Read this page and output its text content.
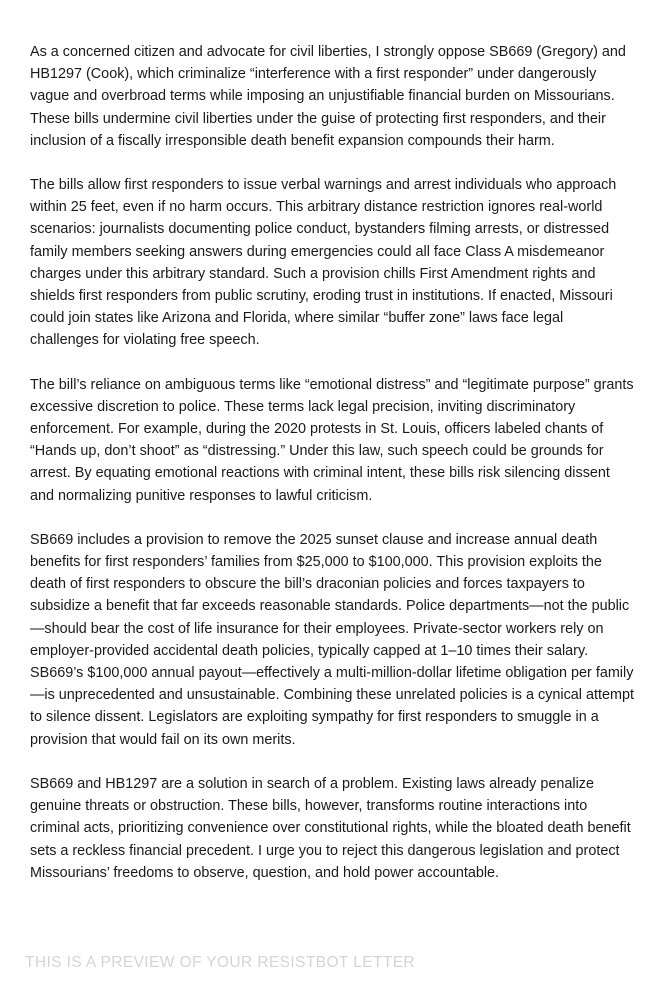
As a concerned citizen and advocate for civil liberties, I strongly oppose SB669 (Gregory) and HB1297 (Cook), which criminalize “interference with a first responder” under dangerously vague and overbroad terms while imposing an unjustifiable financial burden on Missourians. These bills undermine civil liberties under the guise of protecting first responders, and their inclusion of a fiscally irresponsible death benefit expansion compounds their harm.

The bills allow first responders to issue verbal warnings and arrest individuals who approach within 25 feet, even if no harm occurs. This arbitrary distance restriction ignores real-world scenarios: journalists documenting police conduct, bystanders filming arrests, or distressed family members seeking answers during emergencies could all face Class A misdemeanor charges under this arbitrary standard. Such a provision chills First Amendment rights and shields first responders from public scrutiny, eroding trust in institutions. If enacted, Missouri could join states like Arizona and Florida, where similar “buffer zone” laws face legal challenges for violating free speech.

The bill’s reliance on ambiguous terms like “emotional distress” and “legitimate purpose” grants excessive discretion to police. These terms lack legal precision, inviting discriminatory enforcement. For example, during the 2020 protests in St. Louis, officers labeled chants of “Hands up, don’t shoot” as “distressing.” Under this law, such speech could be grounds for arrest. By equating emotional reactions with criminal intent, these bills risk silencing dissent and normalizing punitive responses to lawful criticism.

SB669 includes a provision to remove the 2025 sunset clause and increase annual death benefits for first responders’ families from $25,000 to $100,000. This provision exploits the death of first responders to obscure the bill’s draconian policies and forces taxpayers to subsidize a benefit that far exceeds reasonable standards. Police departments—not the public—should bear the cost of life insurance for their employees. Private-sector workers rely on employer-provided accidental death policies, typically capped at 1–10 times their salary. SB669’s $100,000 annual payout—effectively a multi-million-dollar lifetime obligation per family—is unprecedented and unsustainable. Combining these unrelated policies is a cynical attempt to silence dissent. Legislators are exploiting sympathy for first responders to smuggle in a provision that would fail on its own merits.

SB669 and HB1297 are a solution in search of a problem. Existing laws already penalize genuine threats or obstruction. These bills, however, transforms routine interactions into criminal acts, prioritizing convenience over constitutional rights, while the bloated death benefit sets a reckless financial precedent. I urge you to reject this dangerous legislation and protect Missourians’ freedoms to observe, question, and hold power accountable.

THIS IS A PREVIEW OF YOUR RESISTBOT LETTER
